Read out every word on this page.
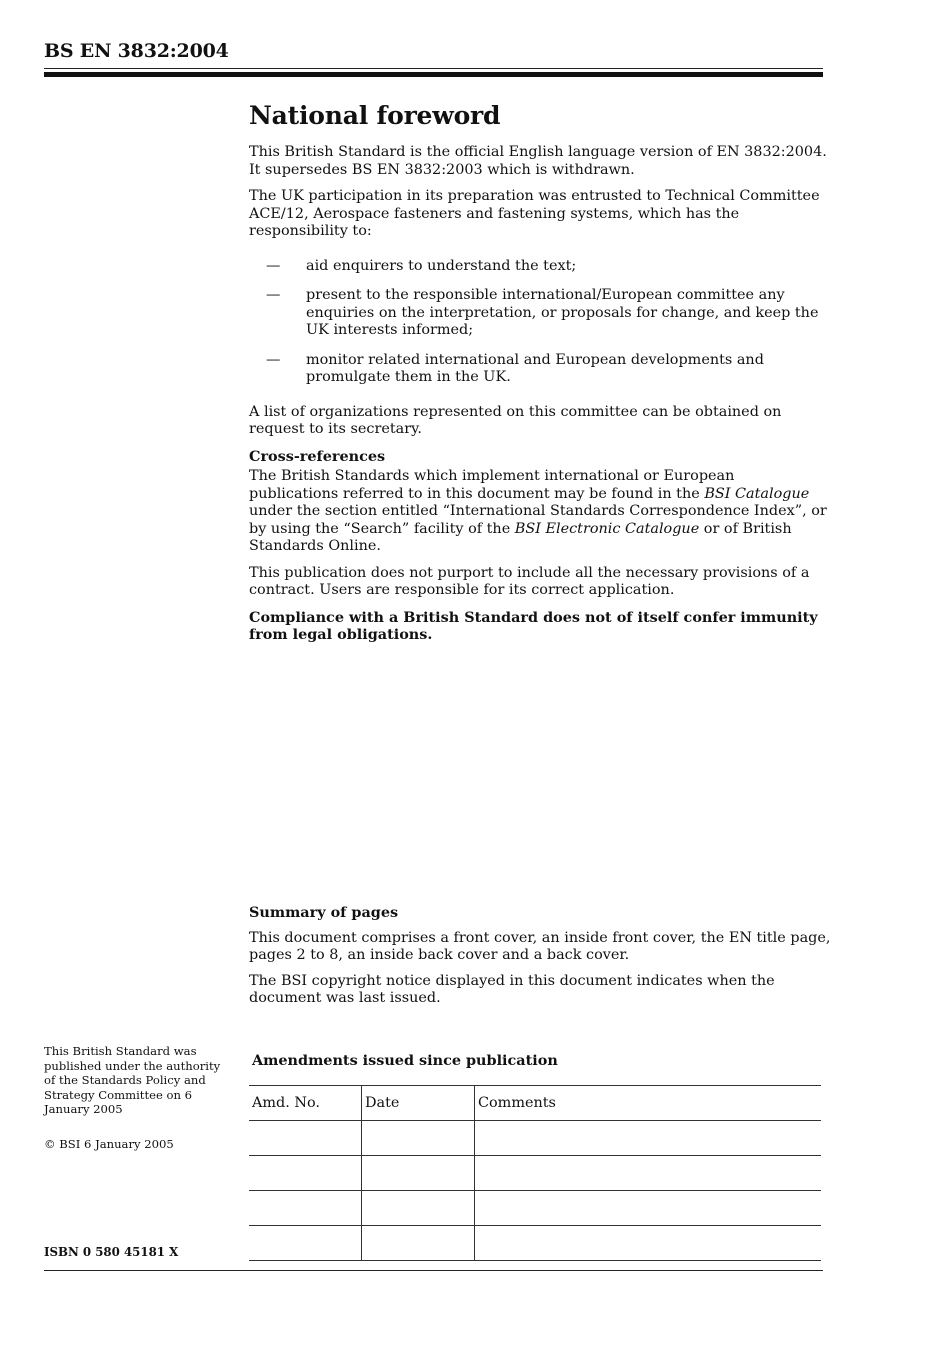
BS EN 3832:2004
National foreword

This British Standard is the official English language version of EN 3832:2004. It supersedes BS EN 3832:2003 which is withdrawn.

The UK participation in its preparation was entrusted to Technical Committee ACE/12, Aerospace fasteners and fastening systems, which has the responsibility to:

— aid enquirers to understand the text;
— present to the responsible international/European committee any enquiries on the interpretation, or proposals for change, and keep the UK interests informed;
— monitor related international and European developments and promulgate them in the UK.

A list of organizations represented on this committee can be obtained on request to its secretary.

Cross-references

The British Standards which implement international or European publications referred to in this document may be found in the BSI Catalogue under the section entitled “International Standards Correspondence Index”, or by using the “Search” facility of the BSI Electronic Catalogue or of British Standards Online.

This publication does not purport to include all the necessary provisions of a contract. Users are responsible for its correct application.

Compliance with a British Standard does not of itself confer immunity from legal obligations.

Summary of pages

This document comprises a front cover, an inside front cover, the EN title page, pages 2 to 8, an inside back cover and a back cover.

The BSI copyright notice displayed in this document indicates when the document was last issued.

This British Standard was published under the authority of the Standards Policy and Strategy Committee on 6 January 2005

© BSI 6 January 2005

ISBN 0 580 45181 X
Amendments issued since publication
Amd. No.	Date	Comments
